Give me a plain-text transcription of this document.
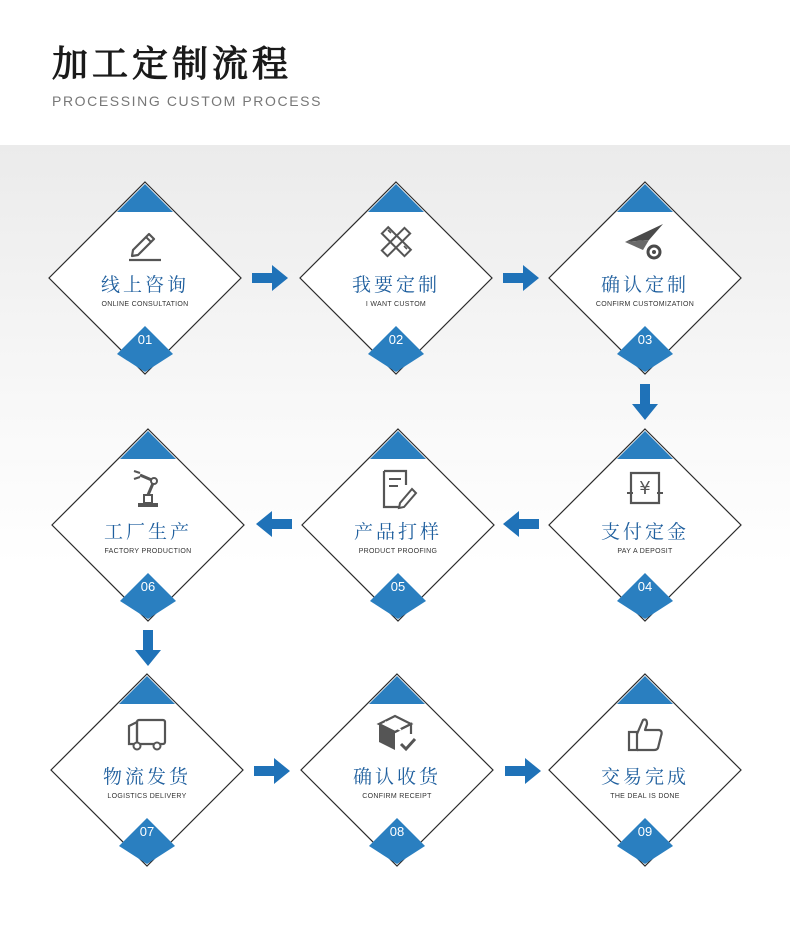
加工定制流程
PROCESSING CUSTOM PROCESS
线上咨询
ONLINE CONSULTATION
01
我要定制
I WANT CUSTOM
02
确认定制
CONFIRM CUSTOMIZATION
03
工厂生产
FACTORY PRODUCTION
06
产品打样
PRODUCT PROOFING
05
¥
支付定金
PAY A DEPOSIT
04
物流发货
LOGISTICS DELIVERY
07
确认收货
CONFIRM RECEIPT
08
交易完成
THE DEAL IS DONE
09
